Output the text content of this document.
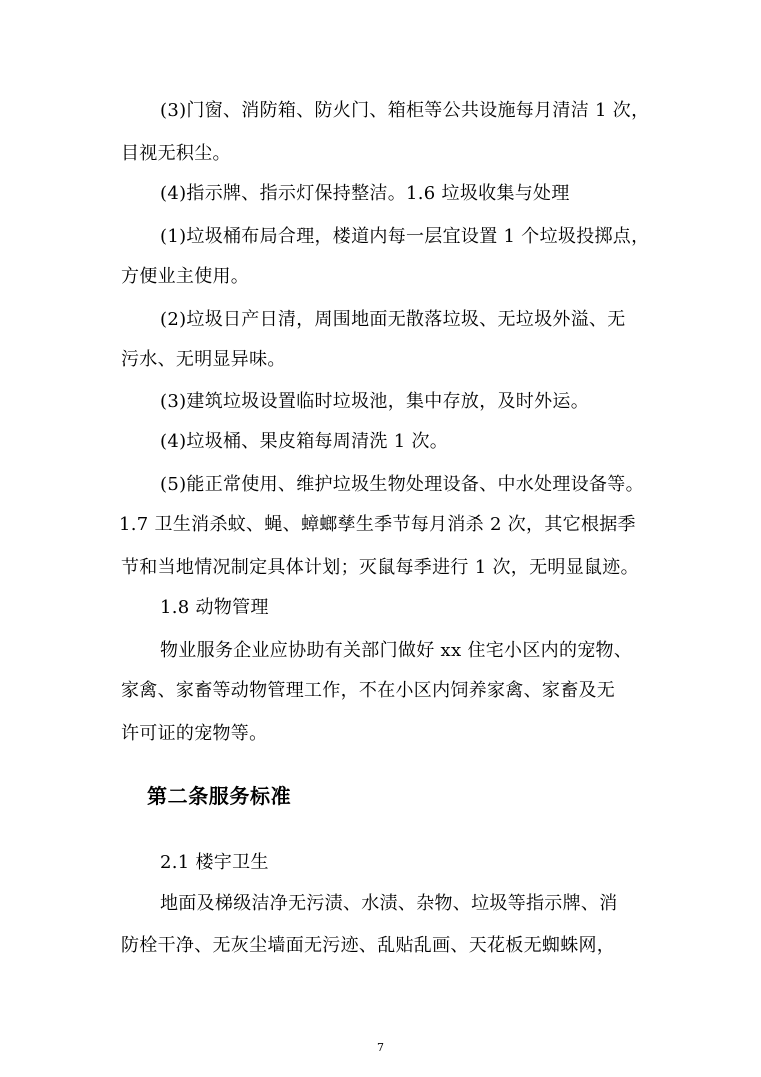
(3)门窗、消防箱、防火门、箱柜等公共设施每月清洁 1 次，
目视无积尘。
(4)指示牌、指示灯保持整洁。1.6 垃圾收集与处理
(1)垃圾桶布局合理，楼道内每一层宜设置 1 个垃圾投掷点，
方便业主使用。
(2)垃圾日产日清，周围地面无散落垃圾、无垃圾外溢、无
污水、无明显异味。
(3)建筑垃圾设置临时垃圾池，集中存放，及时外运。
(4)垃圾桶、果皮箱每周清洗 1 次。
(5)能正常使用、维护垃圾生物处理设备、中水处理设备等。
1.7 卫生消杀蚊、蝇、蟑螂孳生季节每月消杀 2 次，其它根据季
节和当地情况制定具体计划；灭鼠每季进行 1 次，无明显鼠迹。
1.8 动物管理
物业服务企业应协助有关部门做好 xx 住宅小区内的宠物、
家禽、家畜等动物管理工作，不在小区内饲养家禽、家畜及无
许可证的宠物等。
第二条服务标准
2.1 楼宇卫生
地面及梯级洁净无污渍、水渍、杂物、垃圾等指示牌、消
防栓干净、无灰尘墙面无污迹、乱贴乱画、天花板无蜘蛛网，
7
